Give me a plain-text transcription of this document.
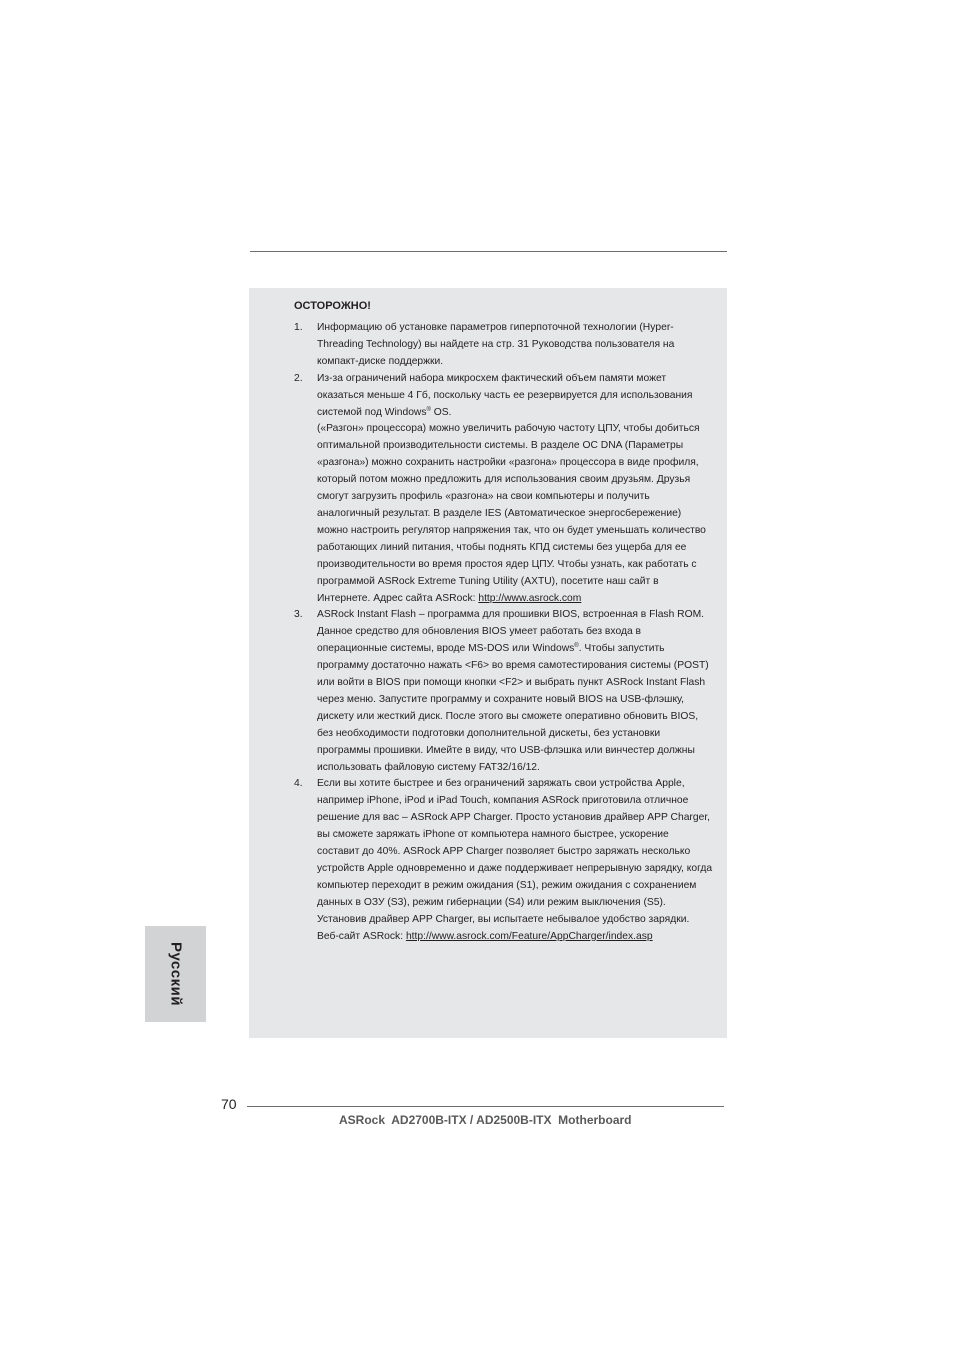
ОСТОРОЖНО!
1. Информацию об установке параметров гиперпоточной технологии (Hyper-Threading Technology) вы найдете на стр. 31 Руководства пользователя на компакт-диске поддержки.

2. Из-за ограничений набора микросхем фактический объем памяти может оказаться меньше 4 Гб, поскольку часть ее резервируется для использования системой под Windows® OS.

(«Разгон» процессора) можно увеличить рабочую частоту ЦПУ, чтобы добиться оптимальной производительности системы. В разделе OC DNA (Параметры «разгона») можно сохранить настройки «разгона» процессора в виде профиля, который потом можно предложить для использования своим друзьям. Друзья смогут загрузить профиль «разгона» на свои компьютеры и получить аналогичный результат. В разделе IES (Автоматическое энергосбережение) можно настроить регулятор напряжения так, что он будет уменьшать количество работающих линий питания, чтобы поднять КПД системы без ущерба для ее производительности во время простоя ядер ЦПУ. Чтобы узнать, как работать с программой ASRock Extreme Tuning Utility (AXTU), посетите наш сайт в Интернете. Адрес сайта ASRock: http://www.asrock.com

3. ASRock Instant Flash – программа для прошивки BIOS, встроенная в Flash ROM. Данное средство для обновления BIOS умеет работать без входа в операционные системы, вроде MS-DOS или Windows®. Чтобы запустить программу достаточно нажать <F6> во время самотестирования системы (POST) или войти в BIOS при помощи кнопки <F2> и выбрать пункт ASRock Instant Flash через меню. Запустите программу и сохраните новый BIOS на USB-флэшку, дискету или жесткий диск. После этого вы сможете оперативно обновить BIOS, без необходимости подготовки дополнительной дискеты, без установки программы прошивки. Имейте в виду, что USB-флэшка или винчестер должны использовать файловую систему FAT32/16/12.

4. Если вы хотите быстрее и без ограничений заряжать свои устройства Apple, например iPhone, iPod и iPad Touch, компания ASRock приготовила отличное решение для вас – ASRock APP Charger. Просто установив драйвер APP Charger, вы сможете заряжать iPhone от компьютера намного быстрее, ускорение составит до 40%. ASRock APP Charger позволяет быстро заряжать несколько устройств Apple одновременно и даже поддерживает непрерывную зарядку, когда компьютер переходит в режим ожидания (S1), режим ожидания с сохранением данных в ОЗУ (S3), режим гибернации (S4) или режим выключения (S5). Установив драйвер APP Charger, вы испытаете небывалое удобство зарядки.

Веб-сайт ASRock: http://www.asrock.com/Feature/AppCharger/index.asp

Русский
70
ASRock  AD2700B-ITX / AD2500B-ITX  Motherboard
